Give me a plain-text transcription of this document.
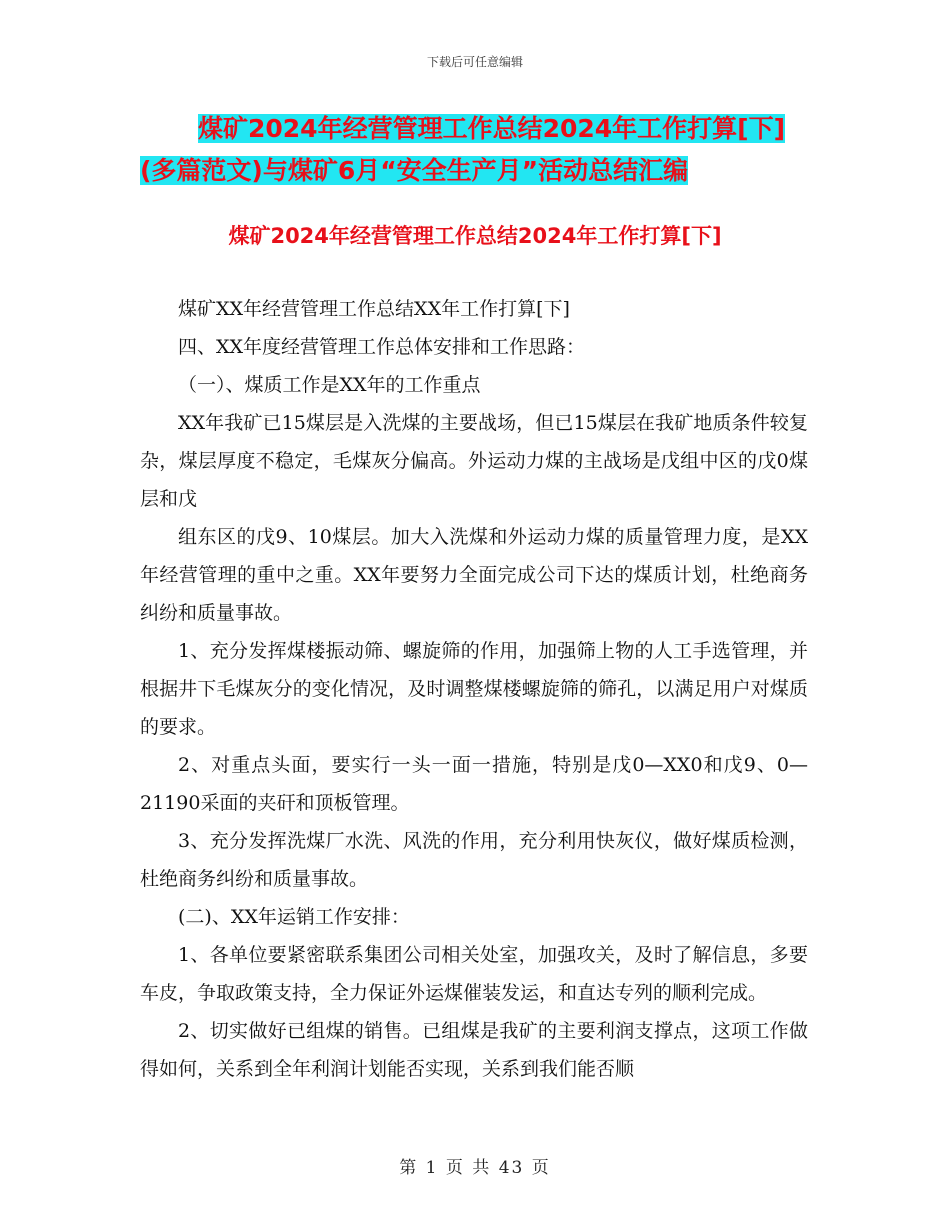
下载后可任意编辑
煤矿2024年经营管理工作总结2024年工作打算[下]
(多篇范文)与煤矿6月“安全生产月”活动总结汇编
煤矿2024年经营管理工作总结2024年工作打算[下]

煤矿XX年经营管理工作总结XX年工作打算[下]

四、XX年度经营管理工作总体安排和工作思路：

（一）、煤质工作是XX年的工作重点

XX年我矿已15煤层是入洗煤的主要战场，但已15煤层在我矿地质条件较复杂，煤层厚度不稳定，毛煤灰分偏高。外运动力煤的主战场是戊组中区的戊0煤层和戊

组东区的戊9、10煤层。加大入洗煤和外运动力煤的质量管理力度，是XX年经营管理的重中之重。XX年要努力全面完成公司下达的煤质计划，杜绝商务纠纷和质量事故。

1、充分发挥煤楼振动筛、螺旋筛的作用，加强筛上物的人工手选管理，并根据井下毛煤灰分的变化情况，及时调整煤楼螺旋筛的筛孔，以满足用户对煤质的要求。

2、对重点头面，要实行一头一面一措施，特别是戊0—XX0和戊9、0—21190采面的夹矸和顶板管理。

3、充分发挥洗煤厂水洗、风洗的作用，充分利用快灰仪，做好煤质检测，杜绝商务纠纷和质量事故。

(二)、XX年运销工作安排：

1、各单位要紧密联系集团公司相关处室，加强攻关，及时了解信息，多要车皮，争取政策支持，全力保证外运煤催装发运，和直达专列的顺利完成。

2、切实做好已组煤的销售。已组煤是我矿的主要利润支撑点，这项工作做得如何，关系到全年利润计划能否实现，关系到我们能否顺

第 1 页 共 43 页
